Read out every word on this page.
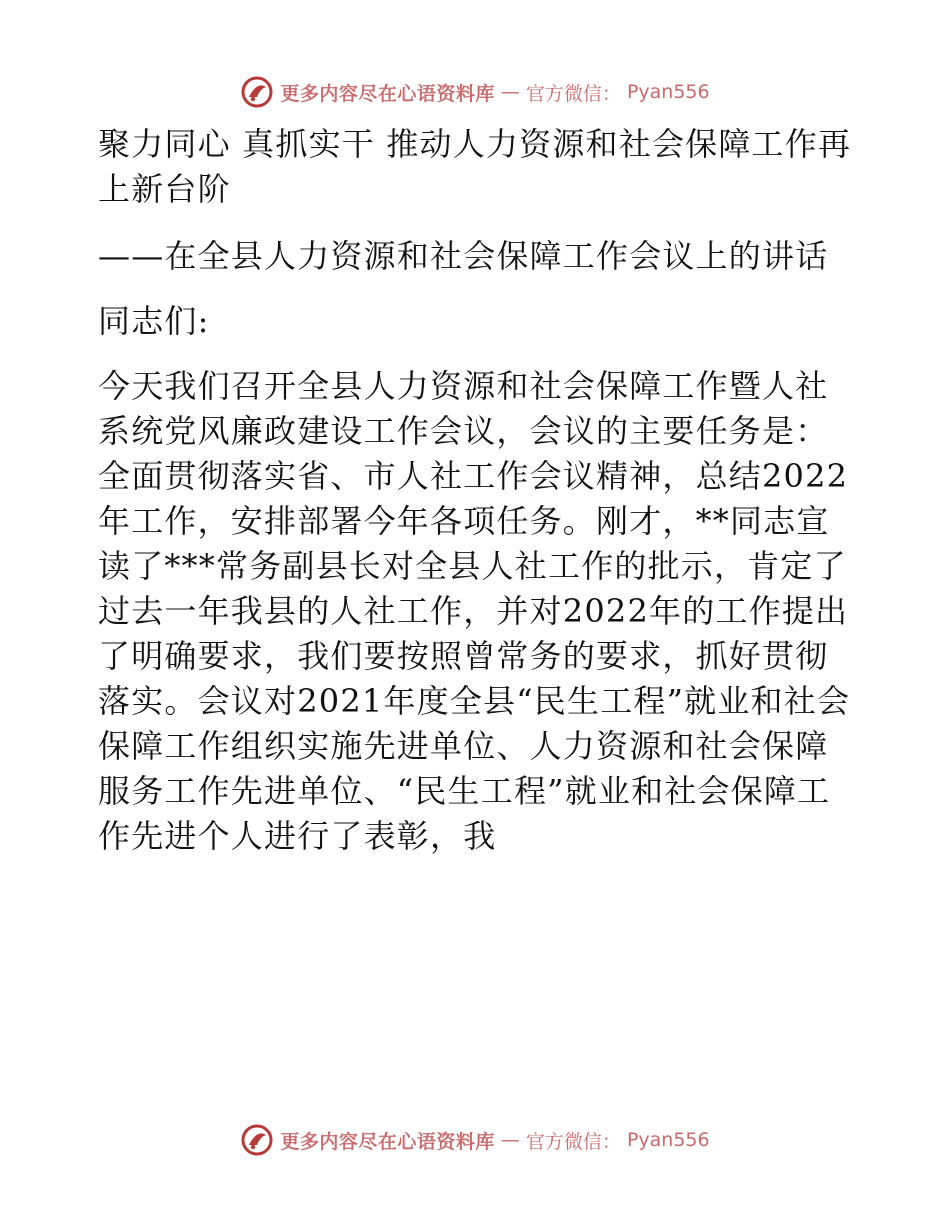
更多内容尽在心语资料库 — 官方微信： Pyan556

聚力同心 真抓实干 推动人力资源和社会保障工作再上新台阶

——在全县人力资源和社会保障工作会议上的讲话

同志们:

今天我们召开全县人力资源和社会保障工作暨人社系统党风廉政建设工作会议，会议的主要任务是：全面贯彻落实省、市人社工作会议精神，总结2022年工作，安排部署今年各项任务。刚才，**同志宣读了***常务副县长对全县人社工作的批示，肯定了过去一年我县的人社工作，并对2022年的工作提出了明确要求，我们要按照曾常务的要求，抓好贯彻落实。会议对2021年度全县“民生工程”就业和社会保障工作组织实施先进单位、人力资源和社会保障服务工作先进单位、“民生工程”就业和社会保障工作先进个人进行了表彰，我

更多内容尽在心语资料库 — 官方微信： Pyan556
